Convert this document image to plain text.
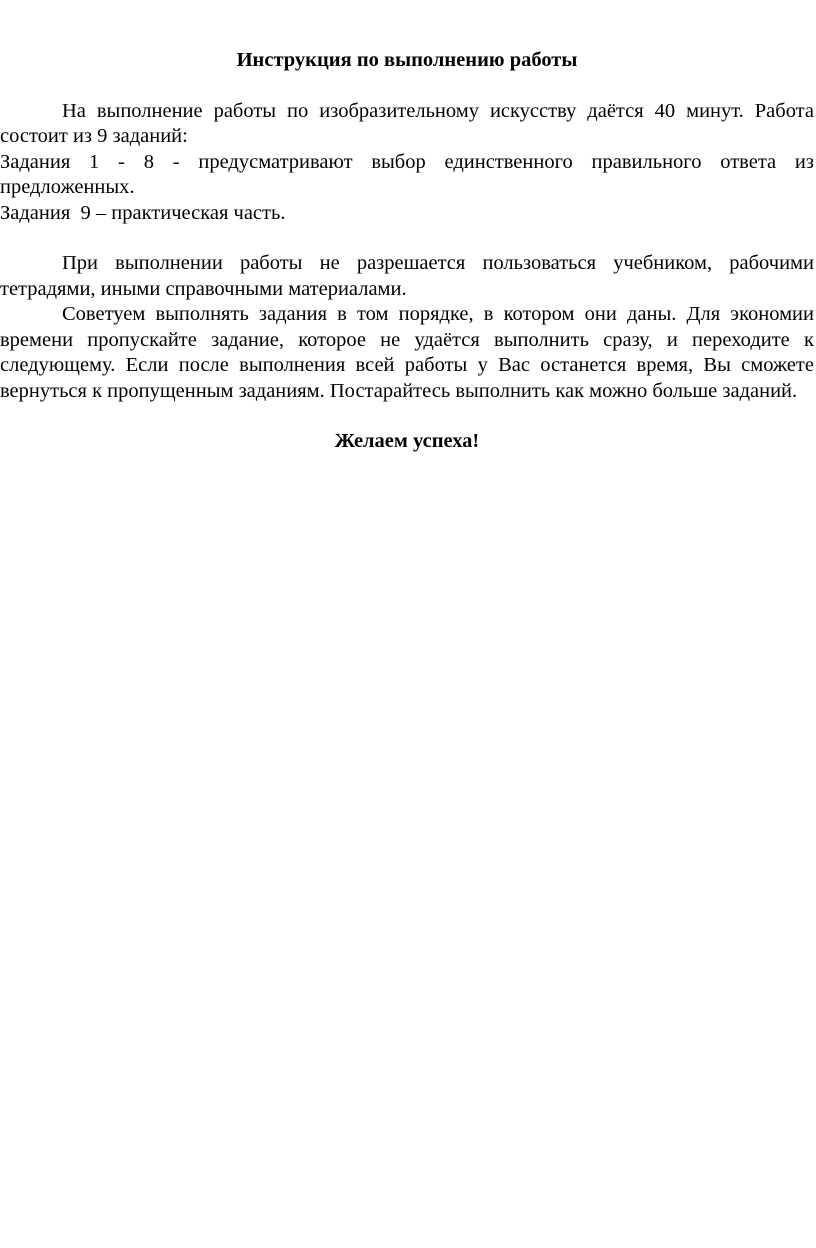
Инструкция по выполнению работы

На выполнение работы по изобразительному искусству даётся 40 минут. Работа состоит из 9 заданий:

Задания 1 - 8 - предусматривают выбор единственного правильного ответа из предложенных.

Задания  9 – практическая часть.

При выполнении работы не разрешается пользоваться учебником, рабочими тетрадями, иными справочными материалами.

Советуем выполнять задания в том порядке, в котором они даны. Для экономии времени пропускайте задание, которое не удаётся выполнить сразу, и переходите к следующему. Если после выполнения всей работы у Вас останется время, Вы сможете вернуться к пропущенным заданиям. Постарайтесь выполнить как можно больше заданий.

Желаем успеха!
